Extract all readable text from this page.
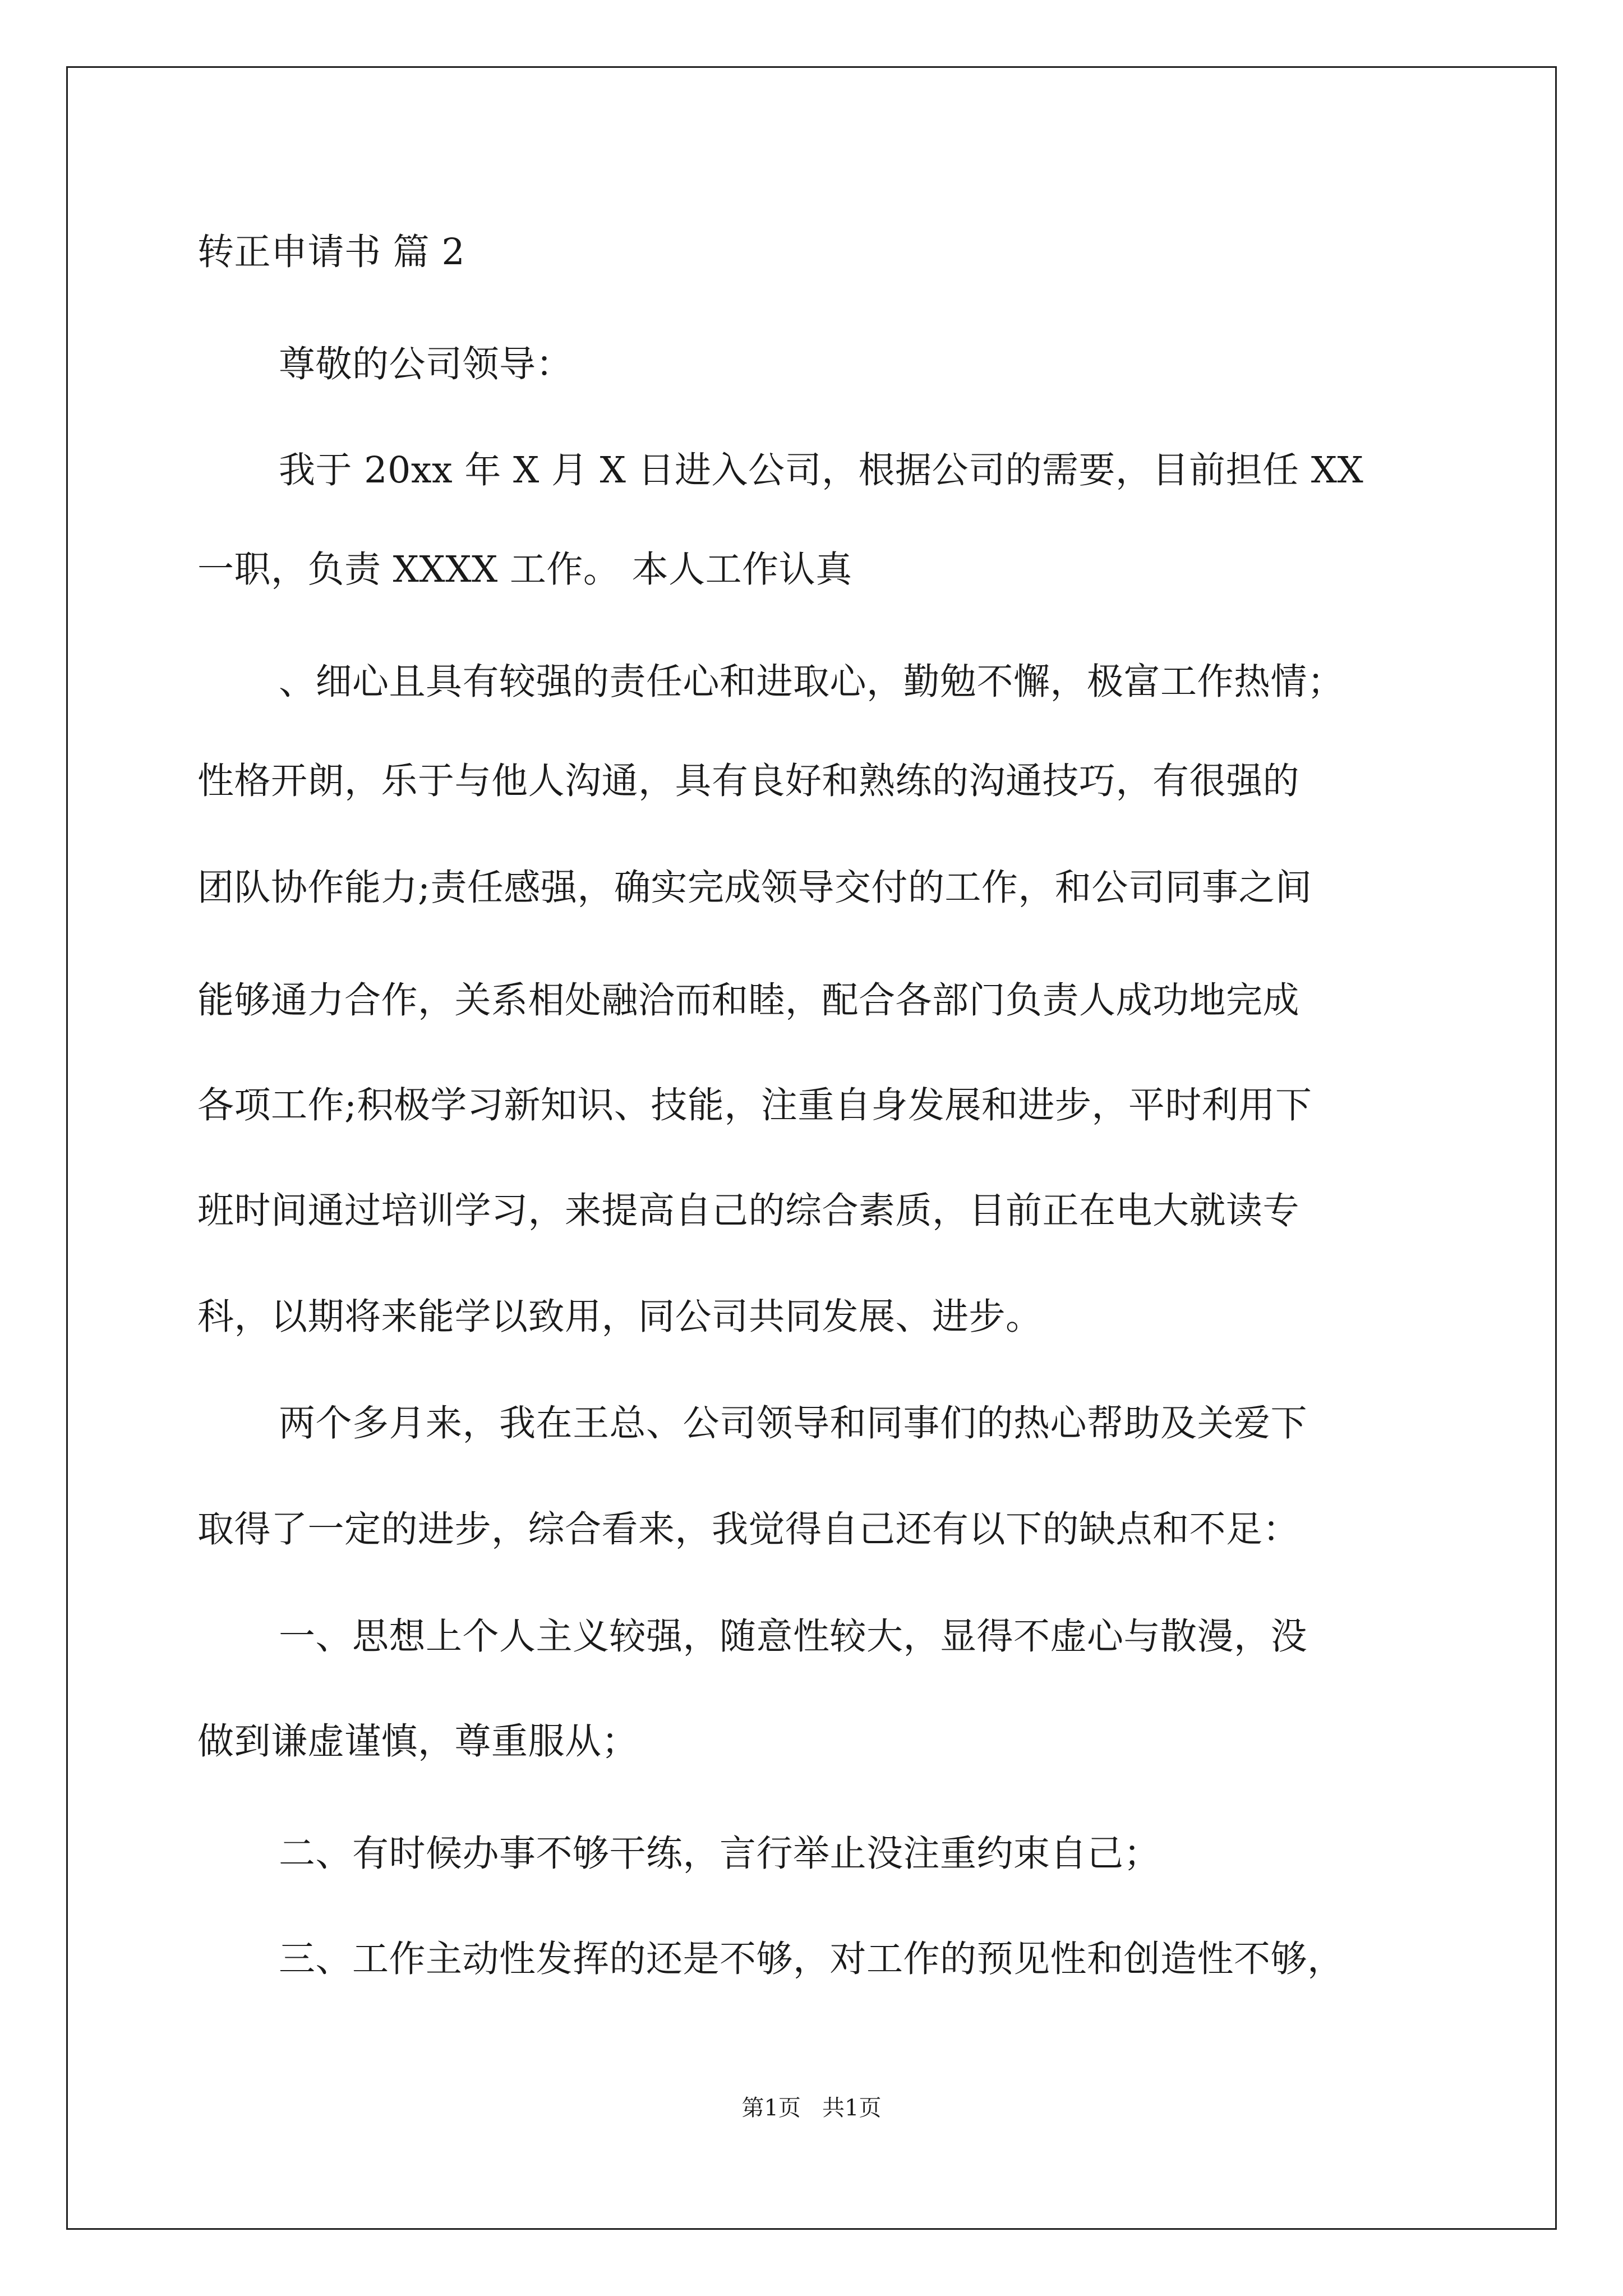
转正申请书 篇 2
尊敬的公司领导：
我于 20xx 年 X 月 X 日进入公司，根据公司的需要，目前担任 XX
一职，负责 XXXX 工作。 本人工作认真
、细心且具有较强的责任心和进取心，勤勉不懈，极富工作热情；
性格开朗，乐于与他人沟通，具有良好和熟练的沟通技巧，有很强的
团队协作能力;责任感强，确实完成领导交付的工作，和公司同事之间
能够通力合作，关系相处融洽而和睦，配合各部门负责人成功地完成
各项工作;积极学习新知识、技能，注重自身发展和进步，平时利用下
班时间通过培训学习，来提高自己的综合素质，目前正在电大就读专
科，以期将来能学以致用，同公司共同发展、进步。
两个多月来，我在王总、公司领导和同事们的热心帮助及关爱下
取得了一定的进步，综合看来，我觉得自己还有以下的缺点和不足：
一、思想上个人主义较强，随意性较大，显得不虚心与散漫，没
做到谦虚谨慎，尊重服从；
二、有时候办事不够干练，言行举止没注重约束自己；
三、工作主动性发挥的还是不够，对工作的预见性和创造性不够，
第1页   共1页
